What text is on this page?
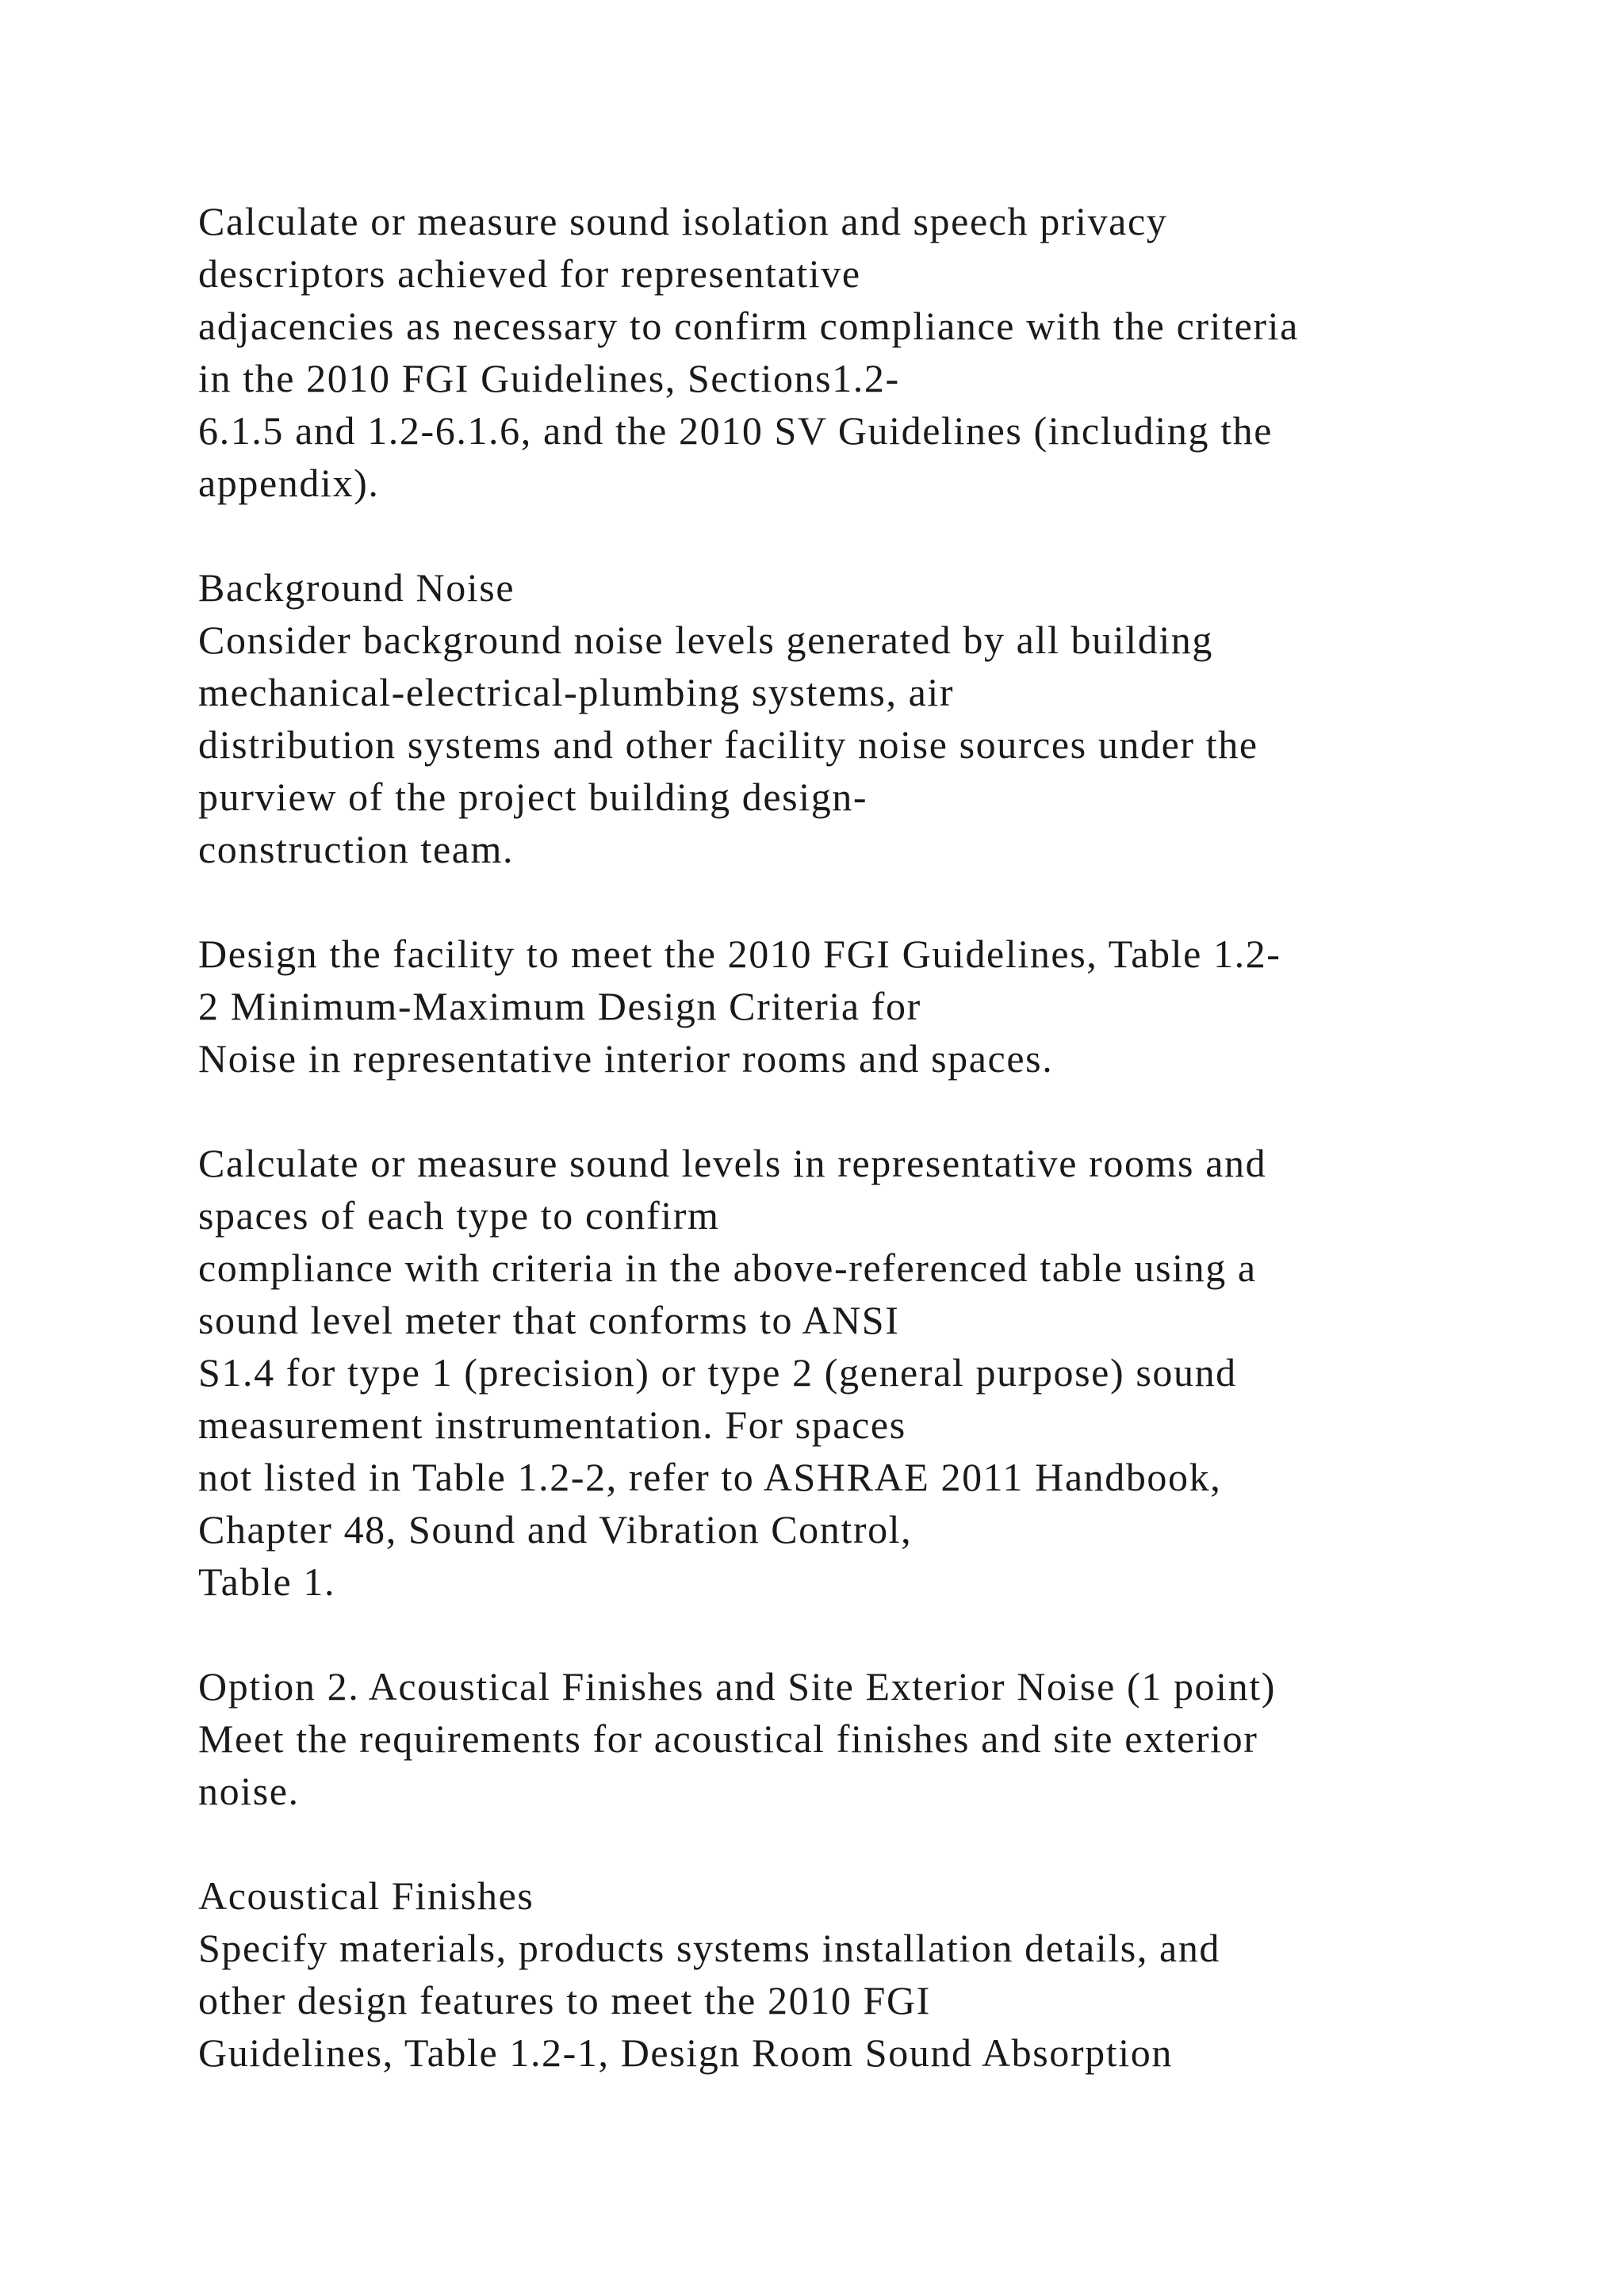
Calculate or measure sound isolation and speech privacy
descriptors achieved for representative
adjacencies as necessary to confirm compliance with the criteria
in the 2010 FGI Guidelines, Sections1.2-
6.1.5 and 1.2-6.1.6, and the 2010 SV Guidelines (including the
appendix).
Background Noise
Consider background noise levels generated by all building
mechanical-electrical-plumbing systems, air
distribution systems and other facility noise sources under the
purview of the project building design-
construction team.
Design the facility to meet the 2010 FGI Guidelines, Table 1.2-
2 Minimum-Maximum Design Criteria for
Noise in representative interior rooms and spaces.
Calculate or measure sound levels in representative rooms and
spaces of each type to confirm
compliance with criteria in the above-referenced table using a
sound level meter that conforms to ANSI
S1.4 for type 1 (precision) or type 2 (general purpose) sound
measurement instrumentation. For spaces
not listed in Table 1.2-2, refer to ASHRAE 2011 Handbook,
Chapter 48, Sound and Vibration Control,
Table 1.
Option 2. Acoustical Finishes and Site Exterior Noise (1 point)
Meet the requirements for acoustical finishes and site exterior
noise.
Acoustical Finishes
Specify materials, products systems installation details, and
other design features to meet the 2010 FGI
Guidelines, Table 1.2-1, Design Room Sound Absorption
